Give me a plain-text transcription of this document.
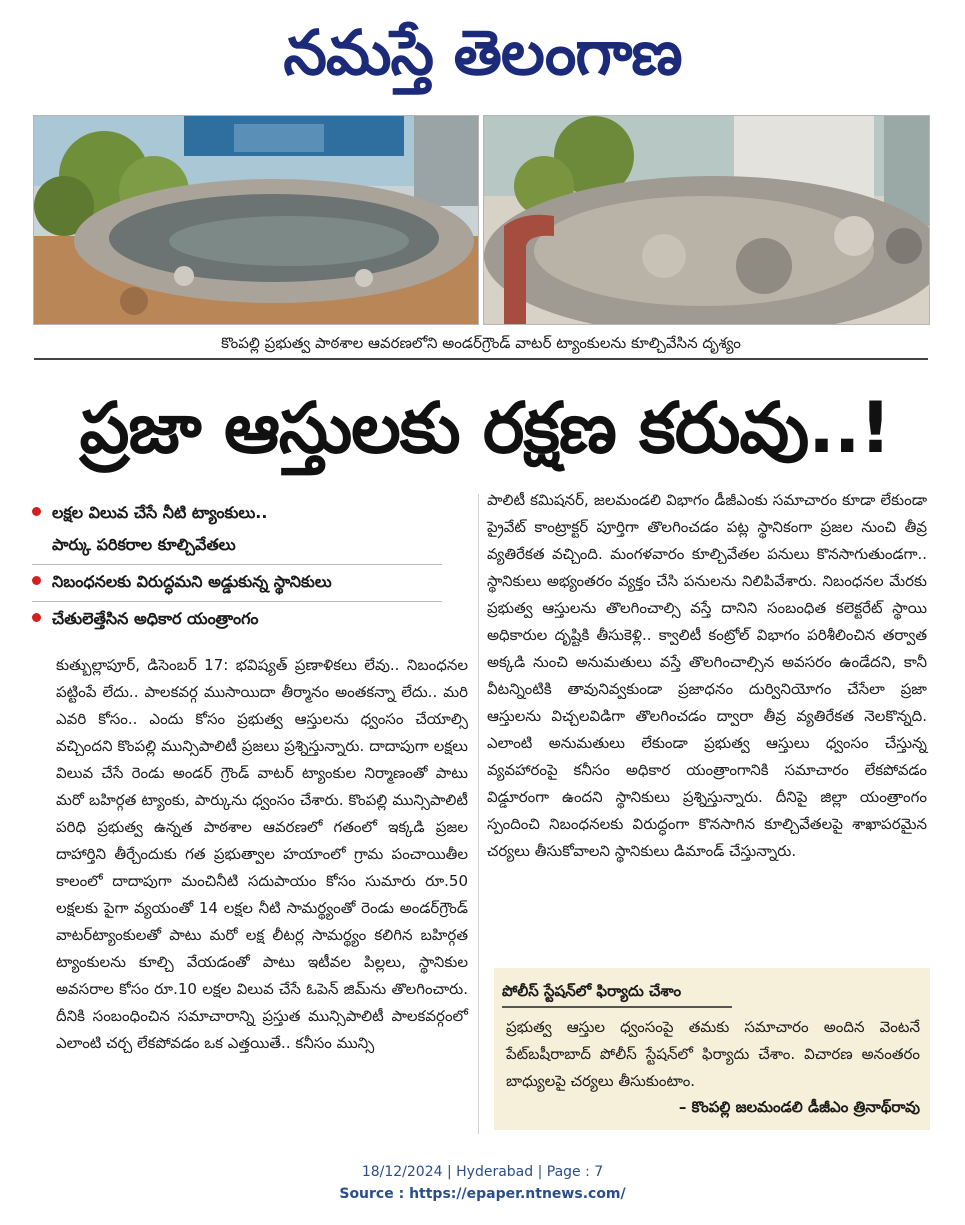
నమస్తే తెలంగాణ
కొంపల్లి ప్రభుత్వ పాఠశాల ఆవరణలోని అండర్‌గ్రౌండ్ వాటర్ ట్యాంకులను కూల్చివేసిన దృశ్యం
ప్రజా ఆస్తులకు రక్షణ కరువు..!
లక్షల విలువ చేసే నీటి ట్యాంకులు..
పార్కు పరికరాల కూల్చివేతలు
నిబంధనలకు విరుద్ధమని అడ్డుకున్న స్థానికులు
చేతులెత్తేసిన అధికార యంత్రాంగం
కుత్బుల్లాపూర్, డిసెంబర్ 17: భవిష్యత్ ప్రణాళికలు లేవు.. నిబంధనల పట్టింపే లేదు.. పాలకవర్గ ముసాయిదా తీర్మానం అంతకన్నా లేదు.. మరి ఎవరి కోసం.. ఎందు కోసం ప్రభుత్వ ఆస్తులను ధ్వంసం చేయాల్సి వచ్చిందని కొంపల్లి మున్సిపాలిటీ ప్రజలు ప్రశ్నిస్తున్నారు. దాదాపుగా లక్షలు విలువ చేసే రెండు అండర్ గ్రౌండ్ వాటర్ ట్యాంకుల నిర్మాణంతో పాటు మరో బహిర్గత ట్యాంకు, పార్కును ధ్వంసం చేశారు. కొంపల్లి మున్సిపాలిటీ పరిధి ప్రభుత్వ ఉన్నత పాఠశాల ఆవరణలో గతంలో ఇక్కడి ప్రజల దాహార్తిని తీర్చేందుకు గత ప్రభుత్వాల హయాంలో గ్రామ పంచాయితీల కాలంలో దాదాపుగా మంచినీటి సదుపాయం కోసం సుమారు రూ.50 లక్షలకు పైగా వ్యయంతో 14 లక్షల నీటి సామర్థ్యంతో రెండు అండర్‌గ్రౌండ్ వాటర్‌ట్యాంకులతో పాటు మరో లక్ష లీటర్ల సామర్థ్యం కలిగిన బహిర్గత ట్యాంకులను కూల్చి వేయడంతో పాటు ఇటీవల పిల్లలు, స్థానికుల అవసరాల కోసం రూ.10 లక్షల విలువ చేసే ఓపెన్ జిమ్‌ను తొలగించారు. దీనికి సంబంధించిన సమాచారాన్ని ప్రస్తుత మున్సిపాలిటీ పాలకవర్గంలో ఎలాంటి చర్చ లేకపోవడం ఒక ఎత్తయితే.. కనీసం మున్సి
పాలిటీ కమిషనర్, జలమండలి విభాగం డీజీఎంకు సమాచారం కూడా లేకుండా ప్రైవేట్ కాంట్రాక్టర్ పూర్తిగా తొలగించడం పట్ల స్థానికంగా ప్రజల నుంచి తీవ్ర వ్యతిరేకత వచ్చింది. మంగళవారం కూల్చివేతల పనులు కొనసాగుతుండగా.. స్థానికులు అభ్యంతరం వ్యక్తం చేసి పనులను నిలిపివేశారు. నిబంధనల మేరకు ప్రభుత్వ ఆస్తులను తొలగించాల్సి వస్తే దానిని సంబంధిత కలెక్టరేట్ స్థాయి అధికారుల దృష్టికి తీసుకెళ్లి.. క్వాలిటీ కంట్రోల్ విభాగం పరిశీలించిన తర్వాత అక్కడి నుంచి అనుమతులు వస్తే తొలగించాల్సిన అవసరం ఉండేదని, కానీ వీటన్నింటికి తావునివ్వకుండా ప్రజాధనం దుర్వినియోగం చేసేలా ప్రజా ఆస్తులను విచ్చలవిడిగా తొలగించడం ద్వారా తీవ్ర వ్యతిరేకత నెలకొన్నది. ఎలాంటి అనుమతులు లేకుండా ప్రభుత్వ ఆస్తులు ధ్వంసం చేస్తున్న వ్యవహారంపై కనీసం అధికార యంత్రాంగానికి సమాచారం లేకపోవడం విడ్డూరంగా ఉందని స్థానికులు ప్రశ్నిస్తున్నారు. దీనిపై జిల్లా యంత్రాంగం స్పందించి నిబంధనలకు విరుద్ధంగా కొనసాగిన కూల్చివేతలపై శాఖాపరమైన చర్యలు తీసుకోవాలని స్థానికులు డిమాండ్ చేస్తున్నారు.
పోలీస్ స్టేషన్‌లో ఫిర్యాదు చేశాం
ప్రభుత్వ ఆస్తుల ధ్వంసంపై తమకు సమాచారం అందిన వెంటనే పేట్‌బషీరాబాద్ పోలీస్ స్టేషన్‌లో ఫిర్యాదు చేశాం. విచారణ అనంతరం బాధ్యులపై చర్యలు తీసుకుంటాం.
– కొంపల్లి జలమండలి డీజీఎం త్రినాథ్‌రావు
18/12/2024 | Hyderabad | Page : 7
Source : https://epaper.ntnews.com/
